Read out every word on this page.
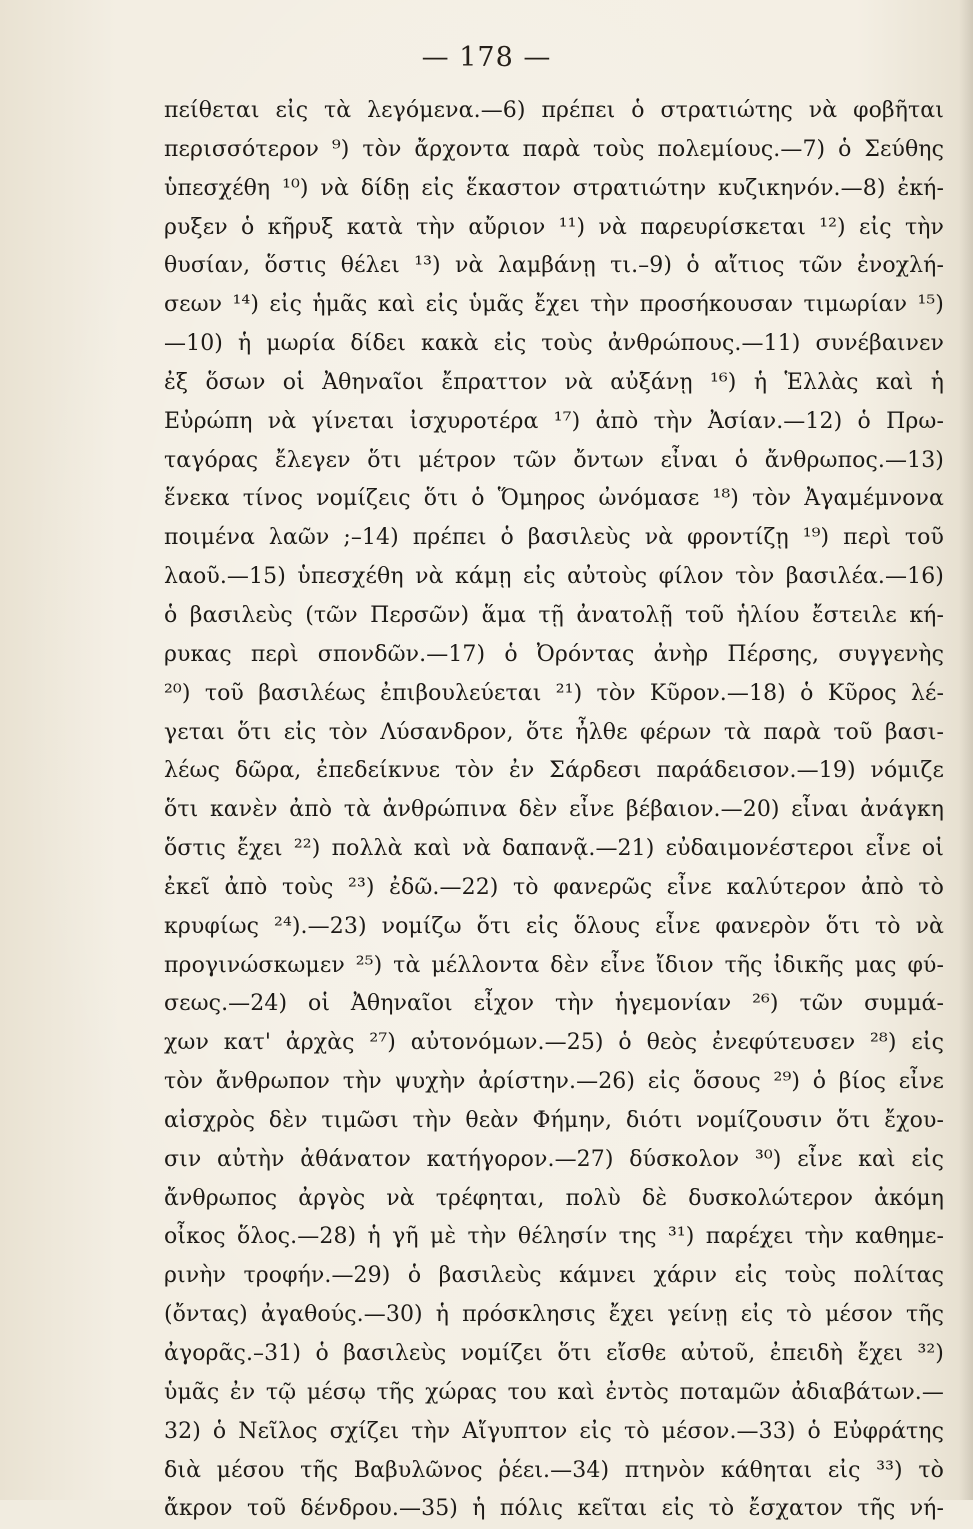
— 178 —
πείθεται εἰς τὰ λεγόμενα.—6) πρέπει ὁ στρατιώτης νὰ φοβῆται
περισσότερον ⁹) τὸν ἄρχοντα παρὰ τοὺς πολεμίους.—7) ὁ Σεύθης
ὑπεσχέθη ¹⁰) νὰ δίδῃ εἰς ἕκαστον στρατιώτην κυζικηνόν.—8) ἐκή-
ρυξεν ὁ κῆρυξ κατὰ τὴν αὔριον ¹¹) νὰ παρευρίσκεται ¹²) εἰς τὴν
θυσίαν, ὅστις θέλει ¹³) νὰ λαμβάνῃ τι.–9) ὁ αἴτιος τῶν ἐνοχλή-
σεων ¹⁴) εἰς ἡμᾶς καὶ εἰς ὑμᾶς ἔχει τὴν προσήκουσαν τιμωρίαν ¹⁵)
—10) ἡ μωρία δίδει κακὰ εἰς τοὺς ἀνθρώπους.—11) συνέβαινεν
ἐξ ὅσων οἱ Ἀθηναῖοι ἔπραττον νὰ αὐξάνῃ ¹⁶) ἡ Ἑλλὰς καὶ ἡ
Εὐρώπη νὰ γίνεται ἰσχυροτέρα ¹⁷) ἀπὸ τὴν Ἀσίαν.—12) ὁ Πρω-
ταγόρας ἔλεγεν ὅτι μέτρον τῶν ὄντων εἶναι ὁ ἄνθρωπος.—13)
ἕνεκα τίνος νομίζεις ὅτι ὁ Ὅμηρος ὠνόμασε ¹⁸) τὸν Ἀγαμέμνονα
ποιμένα λαῶν ;–14) πρέπει ὁ βασιλεὺς νὰ φροντίζῃ ¹⁹) περὶ τοῦ
λαοῦ.—15) ὑπεσχέθη νὰ κάμῃ εἰς αὐτοὺς φίλον τὸν βασιλέα.—16)
ὁ βασιλεὺς (τῶν Περσῶν) ἅμα τῇ ἀνατολῇ τοῦ ἡλίου ἔστειλε κή-
ρυκας περὶ σπονδῶν.—17) ὁ Ὀρόντας ἀνὴρ Πέρσης, συγγενὴς
²⁰) τοῦ βασιλέως ἐπιβουλεύεται ²¹) τὸν Κῦρον.—18) ὁ Κῦρος λέ-
γεται ὅτι εἰς τὸν Λύσανδρον, ὅτε ἦλθε φέρων τὰ παρὰ τοῦ βασι-
λέως δῶρα, ἐπεδείκνυε τὸν ἐν Σάρδεσι παράδεισον.—19) νόμιζε
ὅτι κανὲν ἀπὸ τὰ ἀνθρώπινα δὲν εἶνε βέβαιον.—20) εἶναι ἀνάγκη
ὅστις ἔχει ²²) πολλὰ καὶ νὰ δαπανᾷ.—21) εὐδαιμονέστεροι εἶνε οἱ
ἐκεῖ ἀπὸ τοὺς ²³) ἐδῶ.—22) τὸ φανερῶς εἶνε καλύτερον ἀπὸ τὸ
κρυφίως ²⁴).—23) νομίζω ὅτι εἰς ὅλους εἶνε φανερὸν ὅτι τὸ νὰ
προγινώσκωμεν ²⁵) τὰ μέλλοντα δὲν εἶνε ἴδιον τῆς ἰδικῆς μας φύ-
σεως.—24) οἱ Ἀθηναῖοι εἶχον τὴν ἡγεμονίαν ²⁶) τῶν συμμά-
χων κατ' ἀρχὰς ²⁷) αὐτονόμων.—25) ὁ θεὸς ἐνεφύτευσεν ²⁸) εἰς
τὸν ἄνθρωπον τὴν ψυχὴν ἀρίστην.—26) εἰς ὅσους ²⁹) ὁ βίος εἶνε
αἰσχρὸς δὲν τιμῶσι τὴν θεὰν Φήμην, διότι νομίζουσιν ὅτι ἔχου-
σιν αὐτὴν ἀθάνατον κατήγορον.—27) δύσκολον ³⁰) εἶνε καὶ εἰς
ἄνθρωπος ἀργὸς νὰ τρέφηται, πολὺ δὲ δυσκολώτερον ἀκόμη
οἶκος ὅλος.—28) ἡ γῆ μὲ τὴν θέλησίν της ³¹) παρέχει τὴν καθημε-
ρινὴν τροφήν.—29) ὁ βασιλεὺς κάμνει χάριν εἰς τοὺς πολίτας
(ὄντας) ἀγαθούς.—30) ἡ πρόσκλησις ἔχει γείνῃ εἰς τὸ μέσον τῆς
ἀγορᾶς.–31) ὁ βασιλεὺς νομίζει ὅτι εἴσθε αὐτοῦ, ἐπειδὴ ἔχει ³²)
ὑμᾶς ἐν τῷ μέσῳ τῆς χώρας του καὶ ἐντὸς ποταμῶν ἀδιαβάτων.—
32) ὁ Νεῖλος σχίζει τὴν Αἴγυπτον εἰς τὸ μέσον.—33) ὁ Εὐφράτης
διὰ μέσου τῆς Βαβυλῶνος ῥέει.—34) πτηνὸν κάθηται εἰς ³³) τὸ
ἄκρον τοῦ δένδρου.—35) ἡ πόλις κεῖται εἰς τὸ ἔσχατον τῆς νή-
